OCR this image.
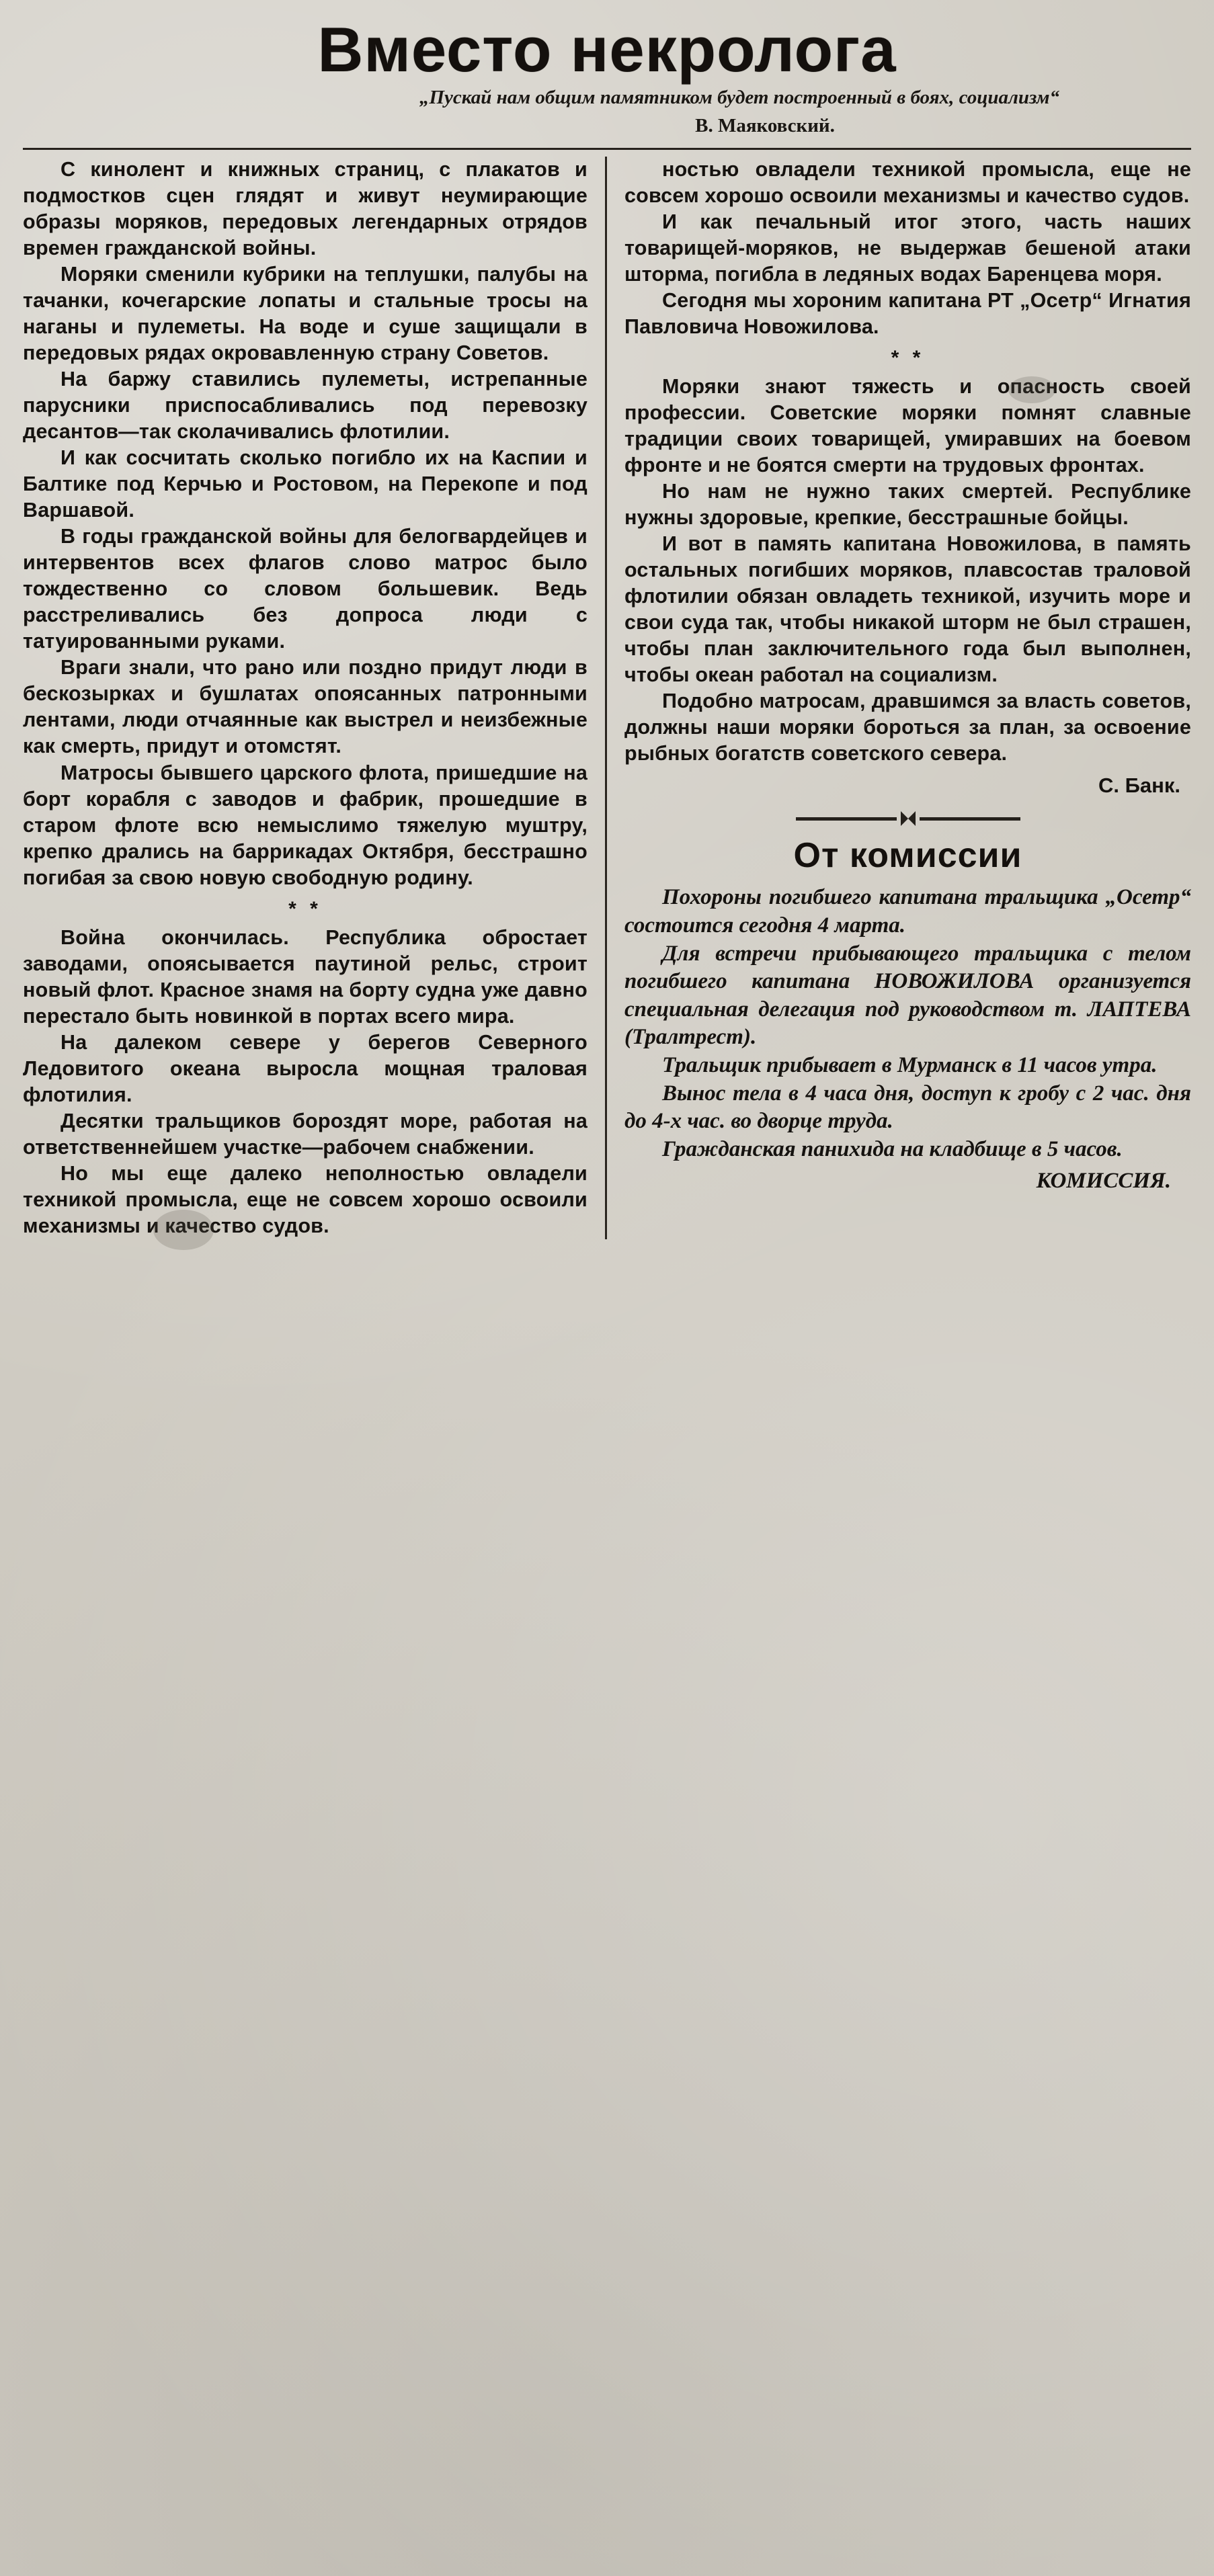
Вместо некролога
„Пускай нам общим памятником будет построенный в боях, социализм“
В. Маяковский.

С кинолент и книжных страниц, с плакатов и подмостков сцен глядят и живут неумирающие образы моряков, передовых легендарных отрядов времен гражданской войны.

Моряки сменили кубрики на теплушки, палубы на тачанки, кочегарские лопаты и стальные тросы на наганы и пулеметы. На воде и суше защищали в передовых рядах окровавленную страну Советов.

На баржу ставились пулеметы, истрепанные парусники приспосабливались под перевозку десантов—так сколачивались флотилии.

И как сосчитать сколько погибло их на Каспии и Балтике под Керчью и Ростовом, на Перекопе и под Варшавой.

В годы гражданской войны для белогвардейцев и интервентов всех флагов слово матрос было тождественно со словом большевик. Ведь расстреливались без допроса люди с татуированными руками.

Враги знали, что рано или поздно придут люди в бескозырках и бушлатах опоясанных патронными лентами, люди отчаянные как выстрел и неизбежные как смерть, придут и отомстят.

Матросы бывшего царского флота, пришедшие на борт корабля с заводов и фабрик, прошедшие в старом флоте всю немыслимо тяжелую муштру, крепко дрались на баррикадах Октября, бесстрашно погибая за свою новую свободную родину.

* *

Война окончилась. Республика обростает заводами, опоясывается паутиной рельс, строит новый флот. Красное знамя на борту судна уже давно перестало быть новинкой в портах всего мира.

На далеком севере у берегов Северного Ледовитого океана выросла мощная траловая флотилия.

Десятки тральщиков бороздят море, работая на ответственнейшем участке—рабочем снабжении.

Но мы еще далеко неполностью овладели техникой промысла, еще не совсем хорошо освоили механизмы и качество судов.

ностью овладели техникой промысла, еще не совсем хорошо освоили механизмы и качество судов.

И как печальный итог этого, часть наших товарищей-моряков, не выдержав бешеной атаки шторма, погибла в ледяных водах Баренцева моря.

Сегодня мы хороним капитана РТ „Осетр“ Игнатия Павловича Новожилова.

* *

Моряки знают тяжесть и опасность своей профессии. Советские моряки помнят славные традиции своих товарищей, умиравших на боевом фронте и не боятся смерти на трудовых фронтах.

Но нам не нужно таких смертей. Республике нужны здоровые, крепкие, бесстрашные бойцы.

И вот в память капитана Новожилова, в память остальных погибших моряков, плавсостав траловой флотилии обязан овладеть техникой, изучить море и свои суда так, чтобы никакой шторм не был страшен, чтобы план заключительного года был выполнен, чтобы океан работал на социализм.

Подобно матросам, дравшимся за власть советов, должны наши моряки бороться за план, за освоение рыбных богатств советского севера.

С. Банк.
От комиссии

Похороны погибшего капитана тральщика „Осетр“ состоится сегодня 4 марта.

Для встречи прибывающего тральщика с телом погибшего капитана НОВОЖИЛОВА организуется специальная делегация под руководством т. ЛАПТЕВА (Тралтрест).

Тральщик прибывает в Мурманск в 11 часов утра.

Вынос тела в 4 часа дня, доступ к гробу с 2 час. дня до 4-х час. во дворце труда.

Гражданская панихида на кладбище в 5 часов.

КОМИССИЯ.
